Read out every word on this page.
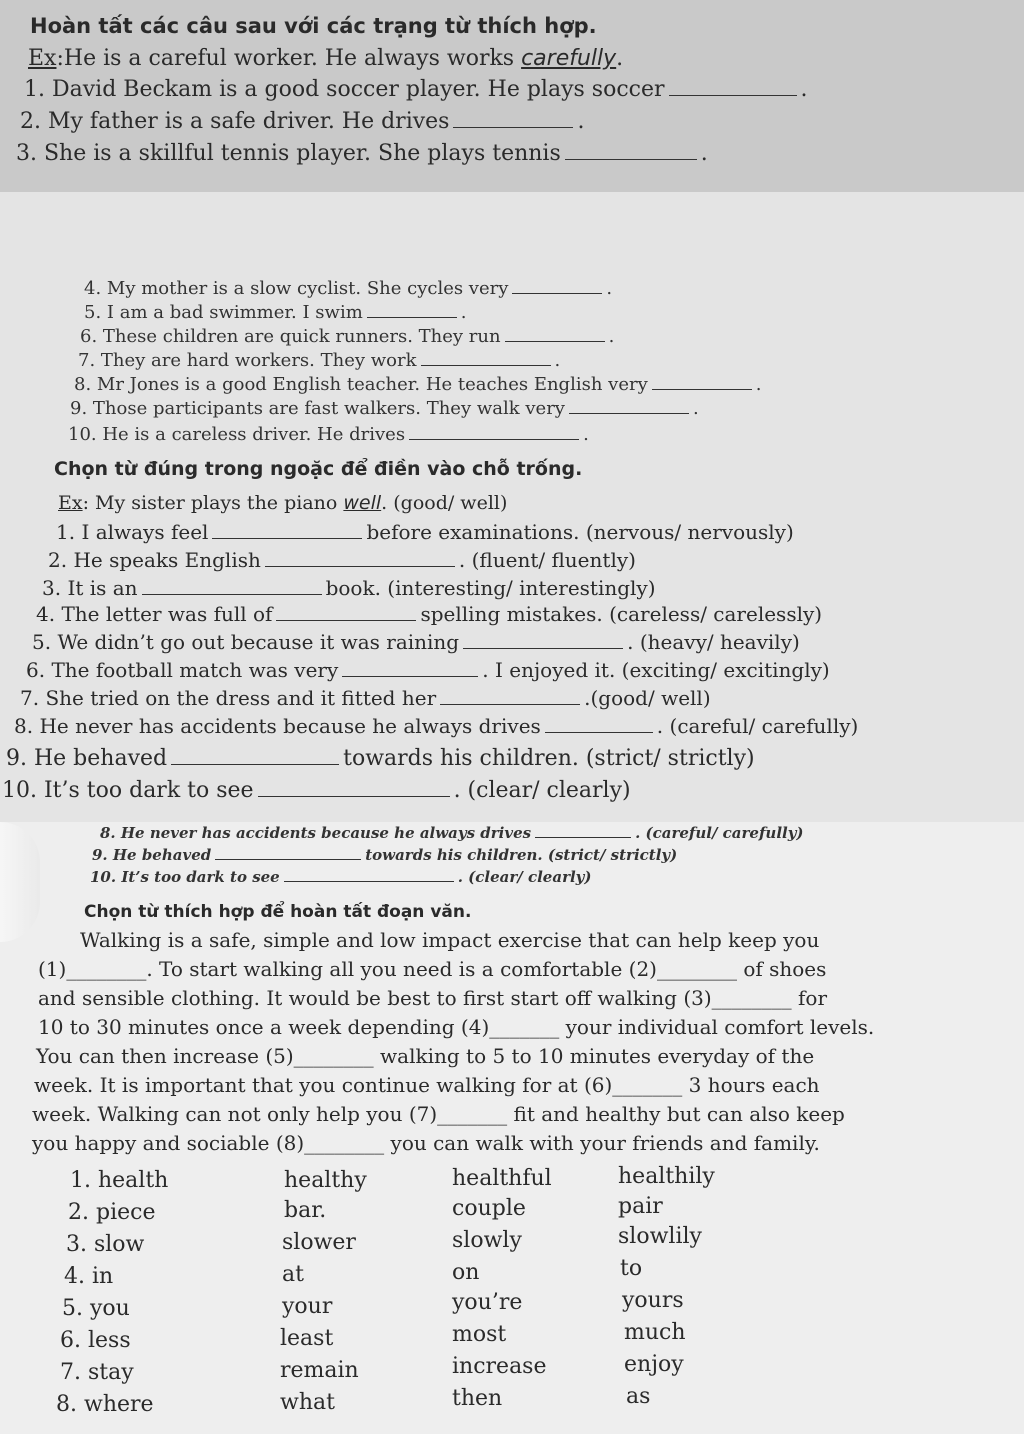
Hoàn tất các câu sau với các trạng từ thích hợp.
Ex:He is a careful worker. He always works carefully.
1. David Beckam is a good soccer player. He plays soccer	.
2. My father is a safe driver. He drives	.
3. She is a skillful tennis player. She plays tennis	.
4. My mother is a slow cyclist. She cycles very	.
5. I am a bad swimmer. I swim	.
6. These children are quick runners. They run	.
7. They are hard workers. They work	.
8. Mr Jones is a good English teacher. He teaches English very	.
9. Those participants are fast walkers. They walk very	.
10. He is a careless driver. He drives	.
Chọn từ đúng trong ngoặc để điền vào chỗ trống.
Ex: My sister plays the piano well. (good/ well)
1. I always feel	before examinations. (nervous/ nervously)
2. He speaks English	. (fluent/ fluently)
3. It is an	book. (interesting/ interestingly)
4. The letter was full of	spelling mistakes. (careless/ carelessly)
5. We didn’t go out because it was raining	. (heavy/ heavily)
6. The football match was very	. I enjoyed it. (exciting/ excitingly)
7. She tried on the dress and it fitted her	.(good/ well)
8. He never has accidents because he always drives	. (careful/ carefully)
9. He behaved	towards his children. (strict/ strictly)
10. It’s too dark to see	. (clear/ clearly)
8. He never has accidents because he always drives	. (careful/ carefully)
9. He behaved	towards his children. (strict/ strictly)
10. It’s too dark to see	. (clear/ clearly)
Chọn từ thích hợp để hoàn tất đoạn văn.
Walking is a safe, simple and low impact exercise that can help keep you
(1)________. To start walking all you need is a comfortable (2)________ of shoes
and sensible clothing. It would be best to first start off walking (3)________ for
10 to 30 minutes once a week depending (4)_______ your individual comfort levels.
You can then increase (5)________ walking to 5 to 10 minutes everyday of the
week. It is important that you continue walking for at (6)_______ 3 hours each
week. Walking can not only help you (7)_______ fit and healthy but can also keep
you happy and sociable (8)________ you can walk with your friends and family.
1. health	healthy	healthful	healthily
2. piece	bar.	couple	pair
3. slow	slower	slowly	slowlily
4. in	at	on	to
5. you	your	you’re	yours
6. less	least	most	much
7. stay	remain	increase	enjoy
8. where	what	then	as
